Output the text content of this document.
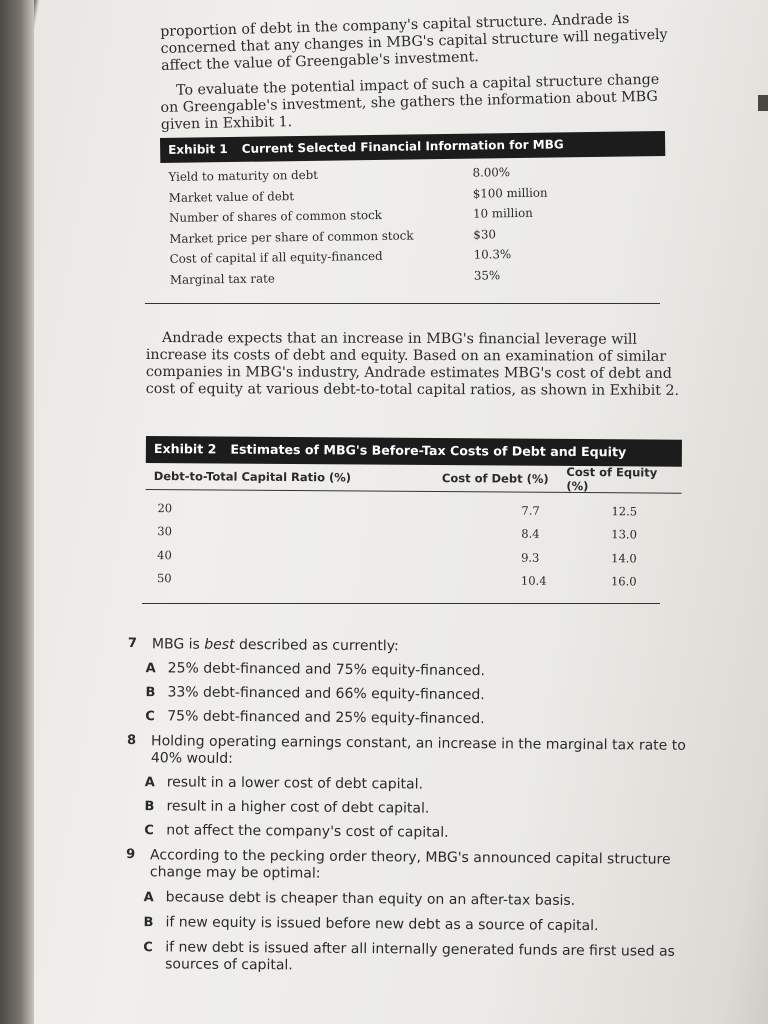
proportion of debt in the company's capital structure. Andrade is concerned that any changes in MBG's capital structure will negatively affect the value of Greengable's investment.

To evaluate the potential impact of such a capital structure change on Greengable's investment, she gathers the information about MBG given in Exhibit 1.

Exhibit 1 Current Selected Financial Information for MBG
Yield to maturity on debt	8.00%
Market value of debt	$100 million
Number of shares of common stock	10 million
Market price per share of common stock	$30
Cost of capital if all equity-financed	10.3%
Marginal tax rate	35%

Andrade expects that an increase in MBG's financial leverage will increase its costs of debt and equity. Based on an examination of similar companies in MBG's industry, Andrade estimates MBG's cost of debt and cost of equity at various debt-to-total capital ratios, as shown in Exhibit 2.

Exhibit 2 Estimates of MBG's Before-Tax Costs of Debt and Equity
Debt-to-Total Capital Ratio (%)	Cost of Debt (%)	Cost of Equity (%)
20	7.7	12.5
30	8.4	13.0
40	9.3	14.0
50	10.4	16.0
7	MBG is best described as currently:
A 25% debt-financed and 75% equity-financed.
B 33% debt-financed and 66% equity-financed.
C 75% debt-financed and 25% equity-financed.
8	Holding operating earnings constant, an increase in the marginal tax rate to 40% would:
A result in a lower cost of debt capital.
B result in a higher cost of debt capital.
C not affect the company's cost of capital.
9	According to the pecking order theory, MBG's announced capital structure change may be optimal:
A because debt is cheaper than equity on an after-tax basis.
B if new equity is issued before new debt as a source of capital.
C if new debt is issued after all internally generated funds are first used as sources of capital.
